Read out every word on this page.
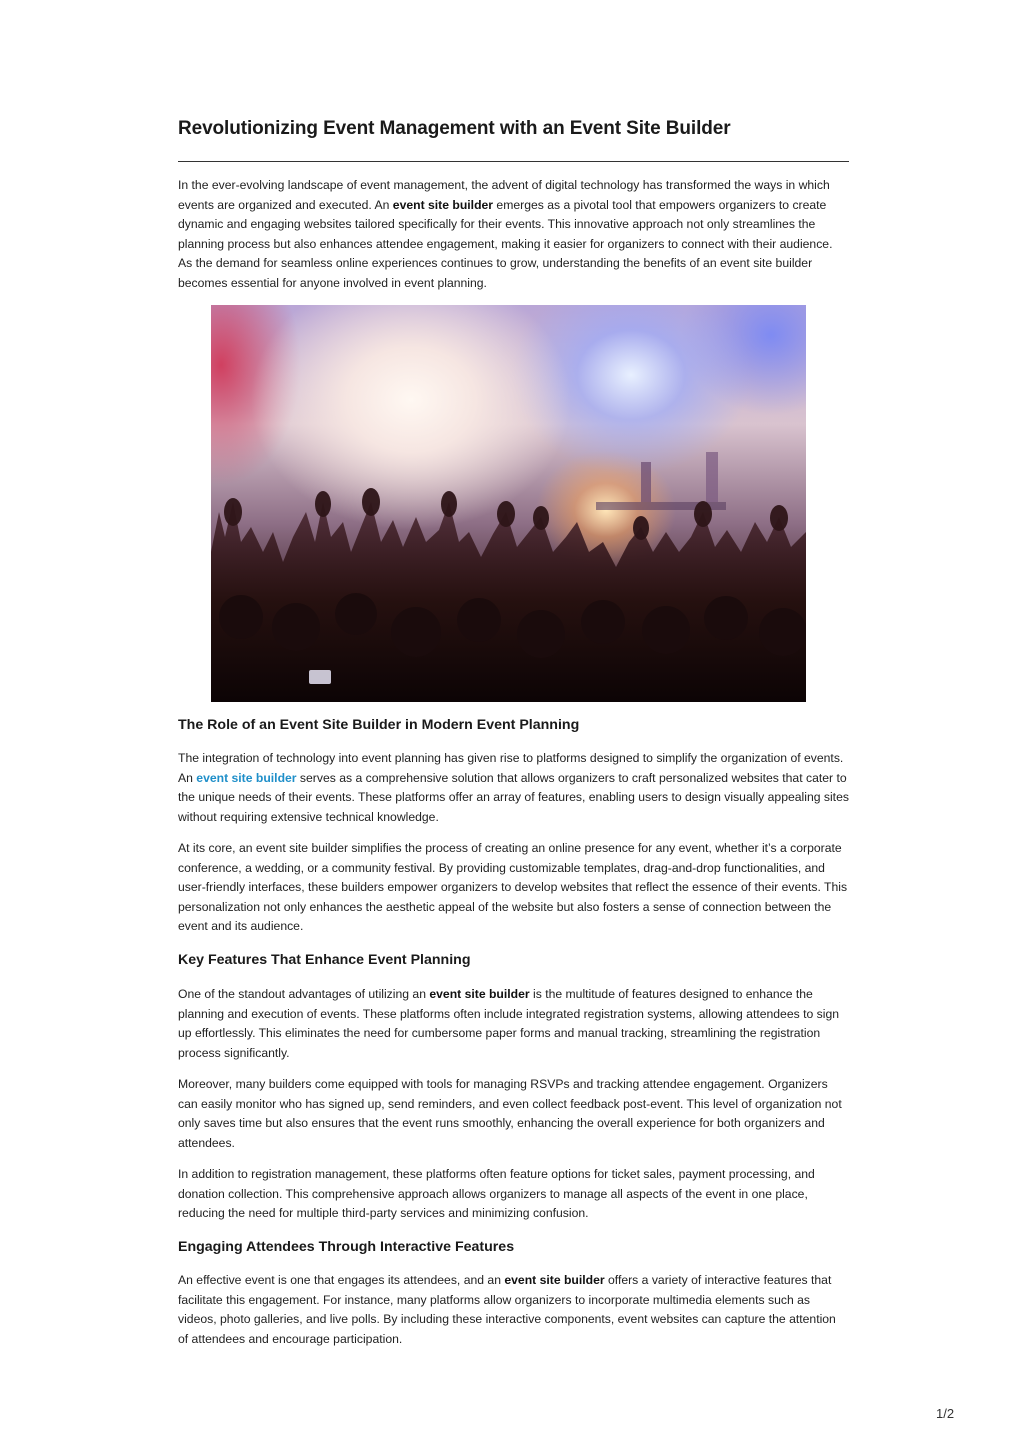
Revolutionizing Event Management with an Event Site Builder

In the ever-evolving landscape of event management, the advent of digital technology has transformed the ways in which events are organized and executed. An event site builder emerges as a pivotal tool that empowers organizers to create dynamic and engaging websites tailored specifically for their events. This innovative approach not only streamlines the planning process but also enhances attendee engagement, making it easier for organizers to connect with their audience. As the demand for seamless online experiences continues to grow, understanding the benefits of an event site builder becomes essential for anyone involved in event planning.

The Role of an Event Site Builder in Modern Event Planning

The integration of technology into event planning has given rise to platforms designed to simplify the organization of events. An event site builder serves as a comprehensive solution that allows organizers to craft personalized websites that cater to the unique needs of their events. These platforms offer an array of features, enabling users to design visually appealing sites without requiring extensive technical knowledge.

At its core, an event site builder simplifies the process of creating an online presence for any event, whether it’s a corporate conference, a wedding, or a community festival. By providing customizable templates, drag-and-drop functionalities, and user-friendly interfaces, these builders empower organizers to develop websites that reflect the essence of their events. This personalization not only enhances the aesthetic appeal of the website but also fosters a sense of connection between the event and its audience.

Key Features That Enhance Event Planning

One of the standout advantages of utilizing an event site builder is the multitude of features designed to enhance the planning and execution of events. These platforms often include integrated registration systems, allowing attendees to sign up effortlessly. This eliminates the need for cumbersome paper forms and manual tracking, streamlining the registration process significantly.

Moreover, many builders come equipped with tools for managing RSVPs and tracking attendee engagement. Organizers can easily monitor who has signed up, send reminders, and even collect feedback post-event. This level of organization not only saves time but also ensures that the event runs smoothly, enhancing the overall experience for both organizers and attendees.

In addition to registration management, these platforms often feature options for ticket sales, payment processing, and donation collection. This comprehensive approach allows organizers to manage all aspects of the event in one place, reducing the need for multiple third-party services and minimizing confusion.

Engaging Attendees Through Interactive Features

An effective event is one that engages its attendees, and an event site builder offers a variety of interactive features that facilitate this engagement. For instance, many platforms allow organizers to incorporate multimedia elements such as videos, photo galleries, and live polls. By including these interactive components, event websites can capture the attention of attendees and encourage participation.

1/2
